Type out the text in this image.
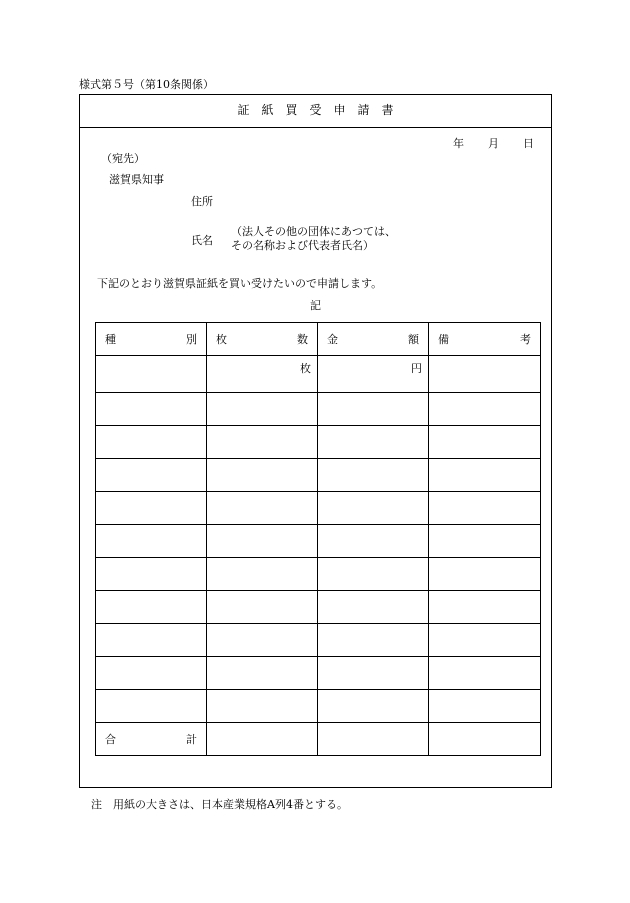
様式第５号（第10条関係）
証　紙　買　受　申　請　書
年 月 日
（宛先）
滋賀県知事
住所
氏名
（法人その他の団体にあつては、
その名称および代表者氏名）
下記のとおり滋賀県証紙を買い受けたいので申請します。
記
種 別	枚 数	金 額	備 考

	枚	円	

合 計			

注　用紙の大きさは、日本産業規格A列4番とする。
